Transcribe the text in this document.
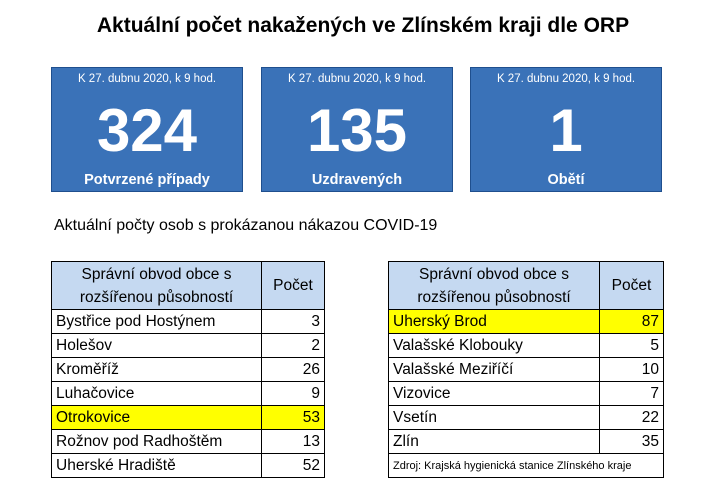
Aktuální počet nakažených ve Zlínském kraji dle ORP
K 27. dubnu 2020, k 9 hod.
324
Potvrzené případy
K 27. dubnu 2020, k 9 hod.
135
Uzdravených
K 27. dubnu 2020, k 9 hod.
1
Obětí
Aktuální počty osob s prokázanou nákazou COVID-19
Správní obvod obce s rozšířenou působností	Počet
Bystřice pod Hostýnem	3
Holešov	2
Kroměříž	26
Luhačovice	9
Otrokovice	53
Rožnov pod Radhoštěm	13
Uherské Hradiště	52
Správní obvod obce s rozšířenou působností	Počet
Uherský Brod	87
Valašské Klobouky	5
Valašské Meziříčí	10
Vizovice	7
Vsetín	22
Zlín	35
Zdroj: Krajská hygienická stanice Zlínského kraje	
